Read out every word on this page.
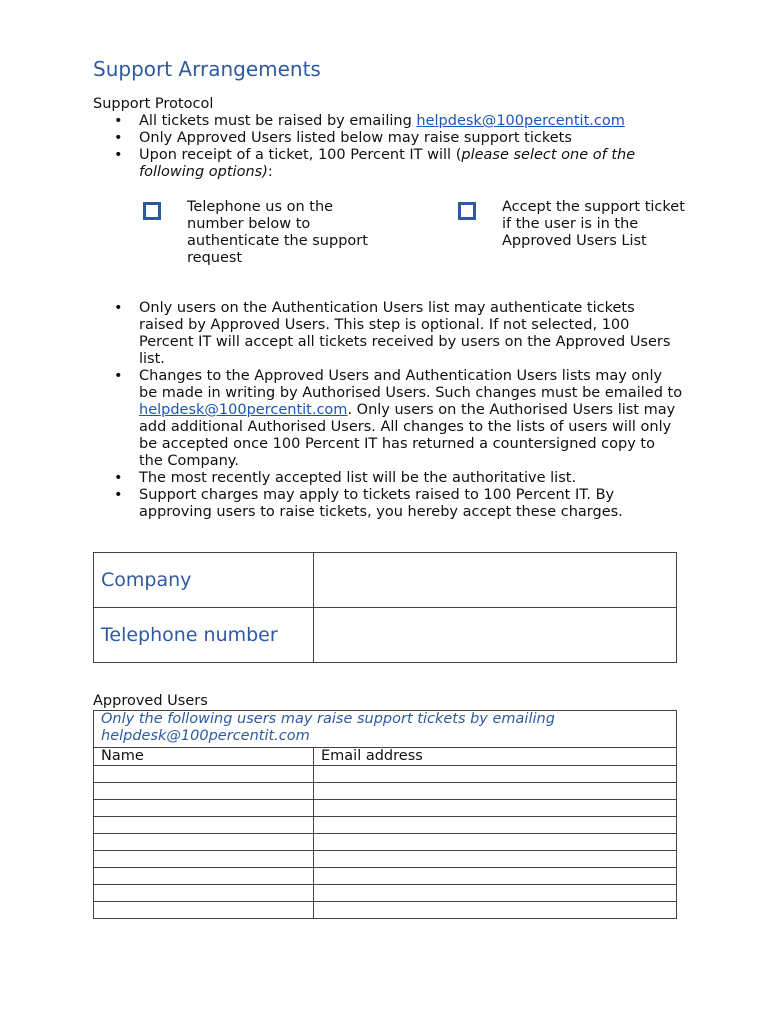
Support Arrangements
Support Protocol
• All tickets must be raised by emailing helpdesk@100percentit.com
• Only Approved Users listed below may raise support tickets
• Upon receipt of a ticket, 100 Percent IT will (please select one of the following options):
Telephone us on the number below to authenticate the support request
Accept the support ticket if the user is in the Approved Users List
• Only users on the Authentication Users list may authenticate tickets raised by Approved Users. This step is optional. If not selected, 100 Percent IT will accept all tickets received by users on the Approved Users list.
• Changes to the Approved Users and Authentication Users lists may only be made in writing by Authorised Users. Such changes must be emailed to helpdesk@100percentit.com. Only users on the Authorised Users list may add additional Authorised Users. All changes to the lists of users will only be accepted once 100 Percent IT has returned a countersigned copy to the Company.
• The most recently accepted list will be the authoritative list.
• Support charges may apply to tickets raised to 100 Percent IT. By approving users to raise tickets, you hereby accept these charges.
Company	
Telephone number	
Approved Users
Only the following users may raise support tickets by emailing helpdesk@100percentit.com	
Name	Email address
